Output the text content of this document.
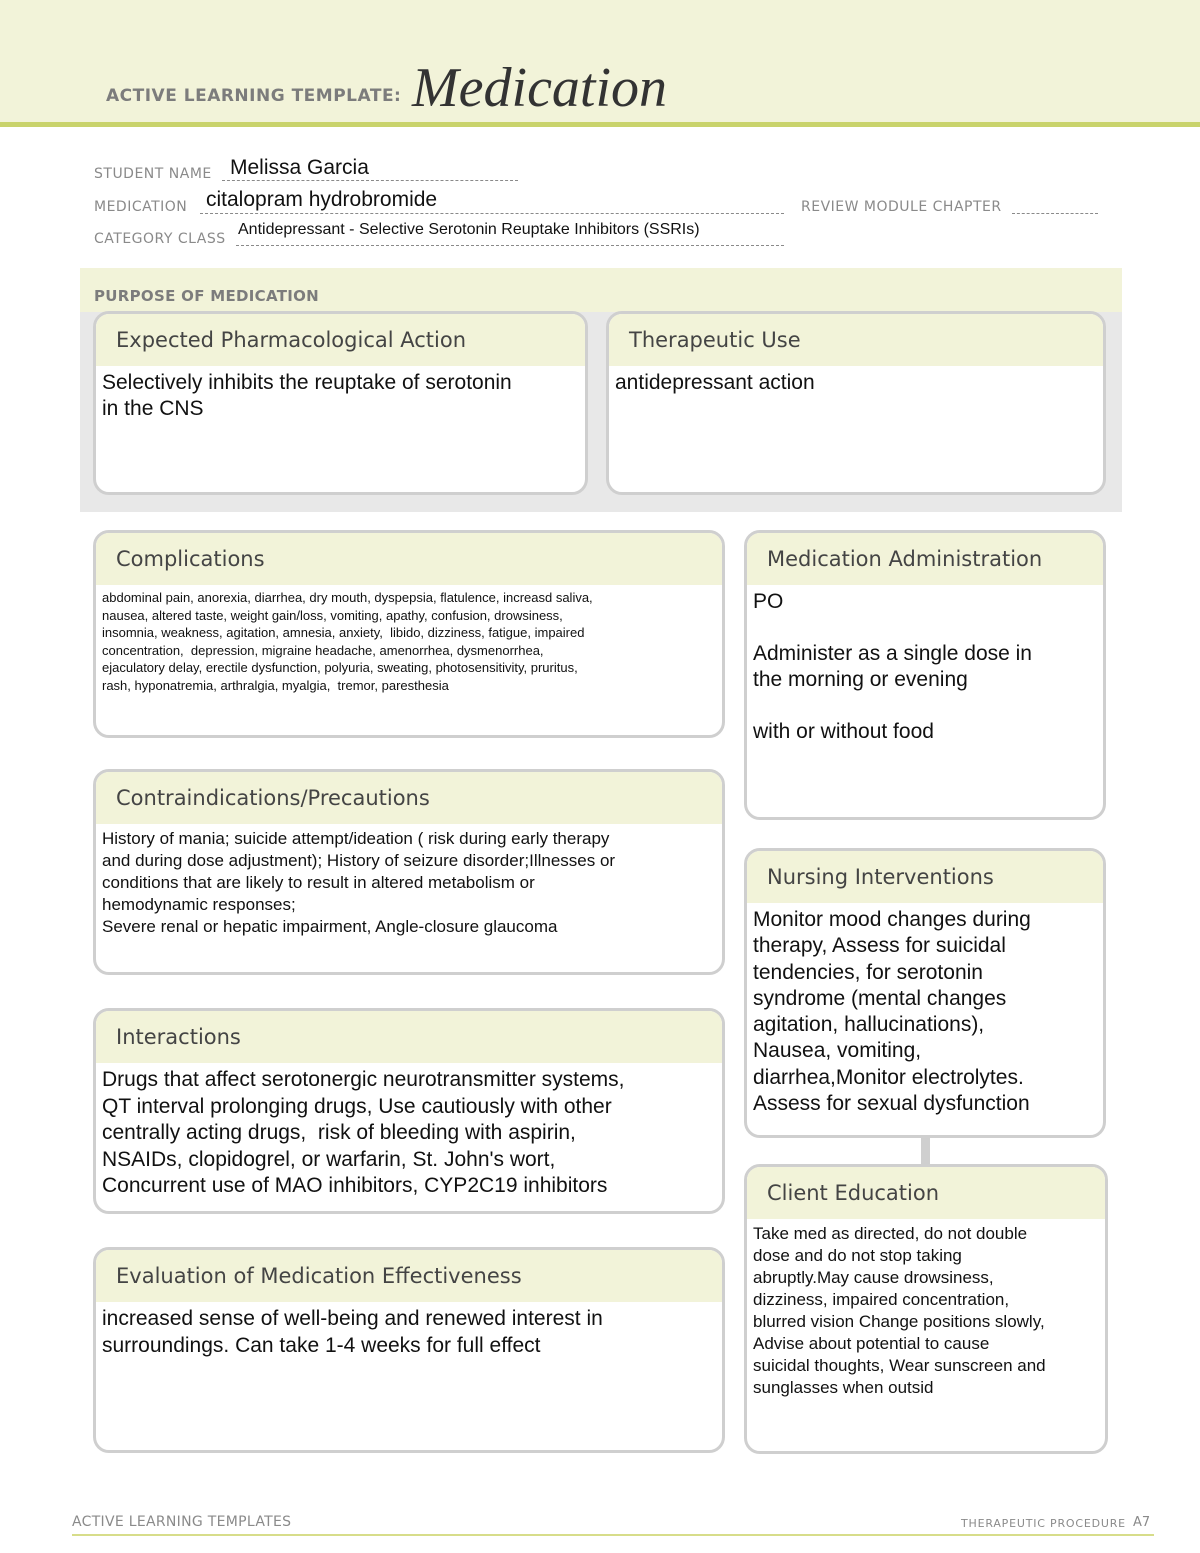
ACTIVE LEARNING TEMPLATE: Medication
STUDENT NAME Melissa Garcia
MEDICATION citalopram hydrobromide	REVIEW MODULE CHAPTER
CATEGORY CLASS
Antidepressant - Selective Serotonin Reuptake Inhibitors (SSRIs)
PURPOSE OF MEDICATION
Expected Pharmacological Action
Selectively inhibits the reuptake of serotonin
in the CNS
Therapeutic Use
antidepressant action
Complications
abdominal pain, anorexia, diarrhea, dry mouth, dyspepsia, flatulence, increasd saliva,
nausea, altered taste, weight gain/loss, vomiting, apathy, confusion, drowsiness,
insomnia, weakness, agitation, amnesia, anxiety,  libido, dizziness, fatigue, impaired
concentration,  depression, migraine headache, amenorrhea, dysmenorrhea,
ejaculatory delay, erectile dysfunction, polyuria, sweating, photosensitivity, pruritus,
rash, hyponatremia, arthralgia, myalgia,  tremor, paresthesia
Medication Administration
PO

Administer as a single dose in
the morning or evening

with or without food
Contraindications/Precautions
History of mania; suicide attempt/ideation ( risk during early therapy
and during dose adjustment); History of seizure disorder;Illnesses or
conditions that are likely to result in altered metabolism or
hemodynamic responses;
Severe renal or hepatic impairment, Angle-closure glaucoma
Nursing Interventions
Monitor mood changes during
therapy, Assess for suicidal
tendencies, for serotonin
syndrome (mental changes
agitation, hallucinations),
Nausea, vomiting,
diarrhea,Monitor electrolytes.
Assess for sexual dysfunction
Interactions
Drugs that affect serotonergic neurotransmitter systems,
QT interval prolonging drugs, Use cautiously with other
centrally acting drugs,  risk of bleeding with aspirin,
NSAIDs, clopidogrel, or warfarin, St. John's wort,
Concurrent use of MAO inhibitors, CYP2C19 inhibitors	Client Education
Take med as directed, do not double
dose and do not stop taking
abruptly.May cause drowsiness,
dizziness, impaired concentration,
blurred vision Change positions slowly,
Advise about potential to cause
suicidal thoughts, Wear sunscreen and
sunglasses when outsid
Evaluation of Medication Effectiveness
increased sense of well-being and renewed interest in
surroundings. Can take 1-4 weeks for full effect
ACTIVE LEARNING TEMPLATES	THERAPEUTIC PROCEDURE A7
